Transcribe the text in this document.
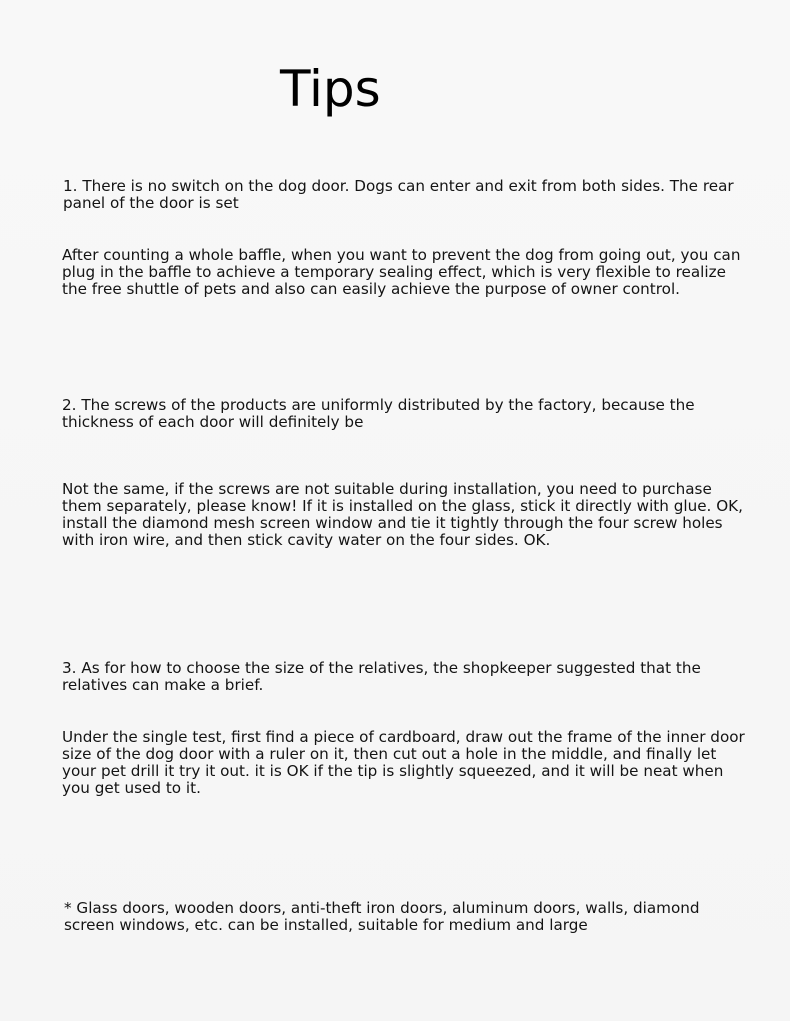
Tips

1. There is no switch on the dog door. Dogs can enter and exit from both sides. The rear panel of the door is set

After counting a whole baffle, when you want to prevent the dog from going out, you can plug in the baffle to achieve a temporary sealing effect, which is very flexible to realize the free shuttle of pets and also can easily achieve the purpose of owner control.

2. The screws of the products are uniformly distributed by the factory, because the thickness of each door will definitely be

Not the same, if the screws are not suitable during installation, you need to purchase them separately, please know! If it is installed on the glass, stick it directly with glue. OK, install the diamond mesh screen window and tie it tightly through the four screw holes with iron wire, and then stick cavity water on the four sides. OK.

3. As for how to choose the size of the relatives, the shopkeeper suggested that the relatives can make a brief.

Under the single test, first find a piece of cardboard, draw out the frame of the inner door size of the dog door with a ruler on it, then cut out a hole in the middle, and finally let your pet drill it try it out. it is OK if the tip is slightly squeezed, and it will be neat when you get used to it.

* Glass doors, wooden doors, anti-theft iron doors, aluminum doors, walls, diamond screen windows, etc. can be installed, suitable for medium and large
